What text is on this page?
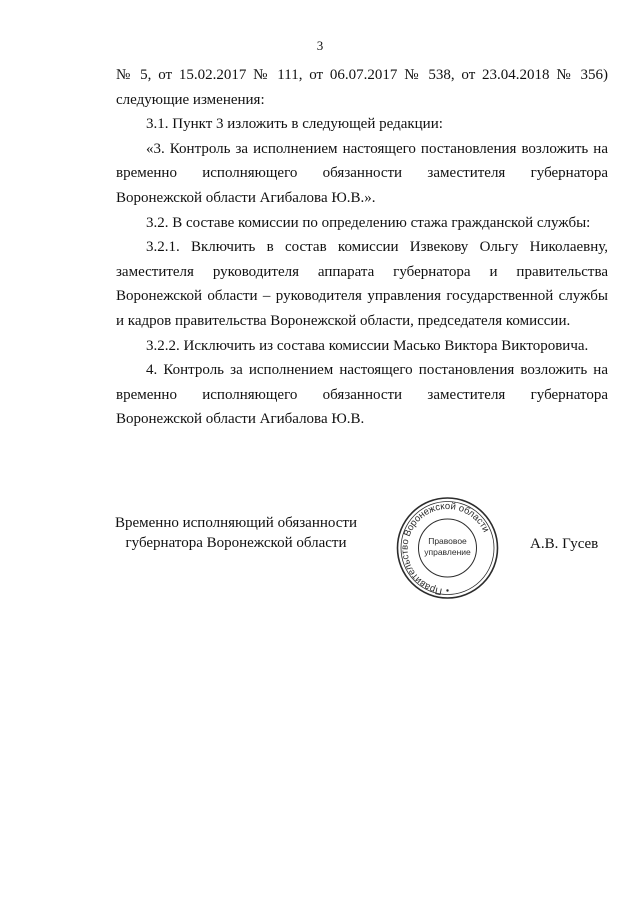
3

№ 5, от 15.02.2017 № 111, от 06.07.2017 № 538, от 23.04.2018 № 356) следующие изменения:

3.1. Пункт 3 изложить в следующей редакции:

«3. Контроль за исполнением настоящего постановления возложить на временно исполняющего обязанности заместителя губернатора Воронежской области Агибалова Ю.В.».

3.2. В составе комиссии по определению стажа гражданской службы:

3.2.1. Включить в состав комиссии Извекову Ольгу Николаевну, заместителя руководителя аппарата губернатора и правительства Воронежской области – руководителя управления государственной службы и кадров правительства Воронежской области, председателя комиссии.

3.2.2. Исключить из состава комиссии Масько Виктора Викторовича.

4. Контроль за исполнением настоящего постановления возложить на временно исполняющего обязанности заместителя губернатора Воронежской области Агибалова Ю.В.

Временно исполняющий обязанности
губернатора Воронежской области
Правительство Воронежской области
Правовое
управление	А.В. Гусев
